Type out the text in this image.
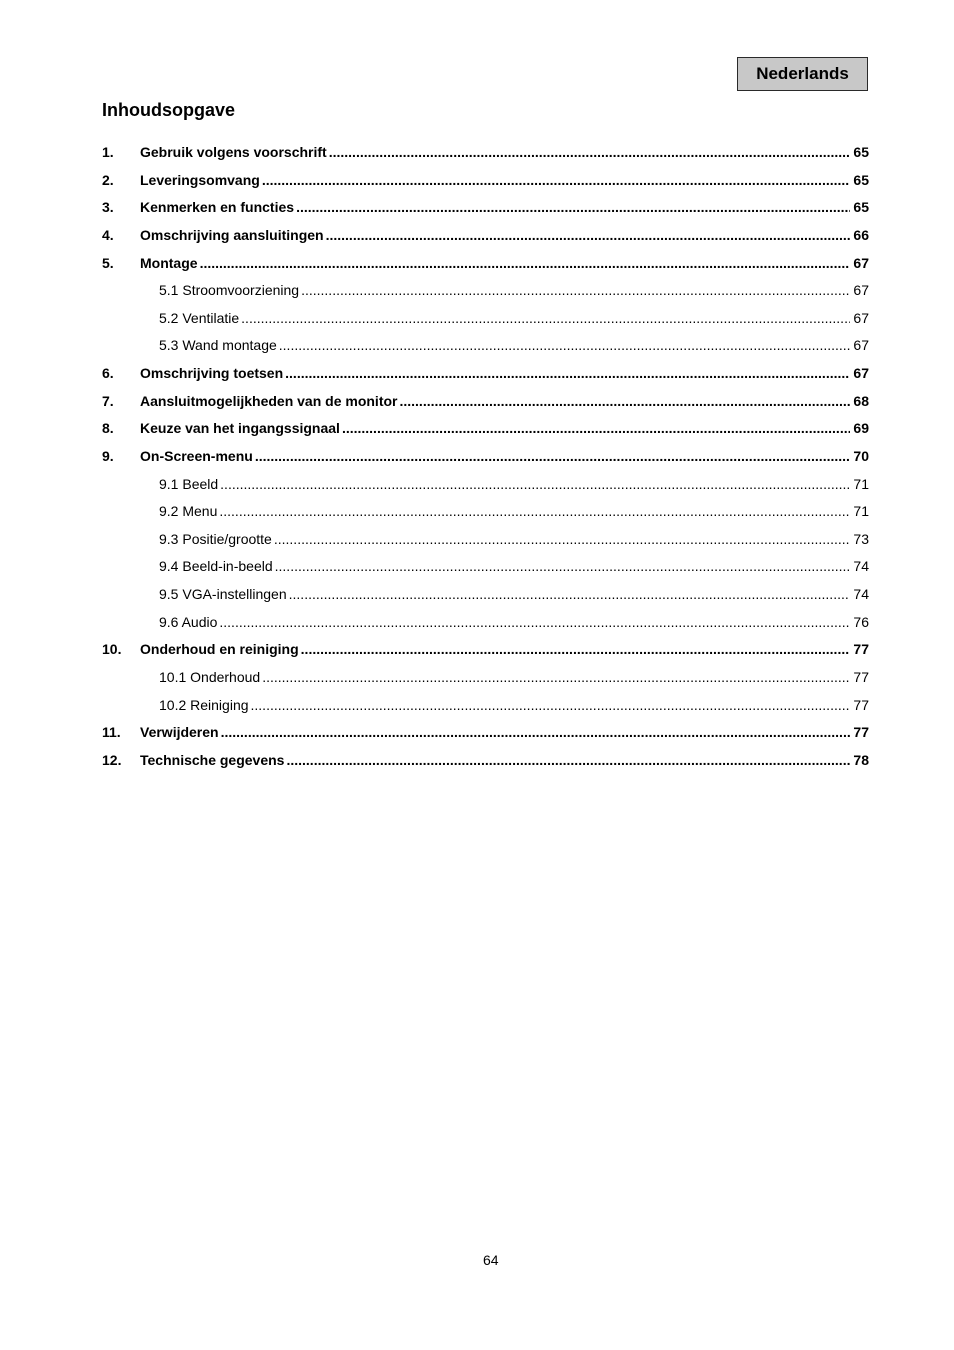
Nederlands
Inhoudsopgave
1.	Gebruik volgens voorschrift .....	65
2.	Leveringsomvang .....	65
3.	Kenmerken en functies .....	65
4.	Omschrijving aansluitingen .....	66
5.	Montage .....	67
5.1 Stroomvoorziening .....	67
5.2 Ventilatie .....	67
5.3 Wand montage .....	67
6.	Omschrijving toetsen .....	67
7.	Aansluitmogelijkheden van de monitor .....	68
8.	Keuze van het ingangssignaal .....	69
9.	On-Screen-menu .....	70
9.1 Beeld .....	71
9.2 Menu .....	71
9.3 Positie/grootte .....	73
9.4 Beeld-in-beeld .....	74
9.5 VGA-instellingen .....	74
9.6 Audio .....	76
10.	Onderhoud en reiniging .....	77
10.1 Onderhoud .....	77
10.2 Reiniging .....	77
11.	Verwijderen .....	77
12.	Technische gegevens .....	78
64
